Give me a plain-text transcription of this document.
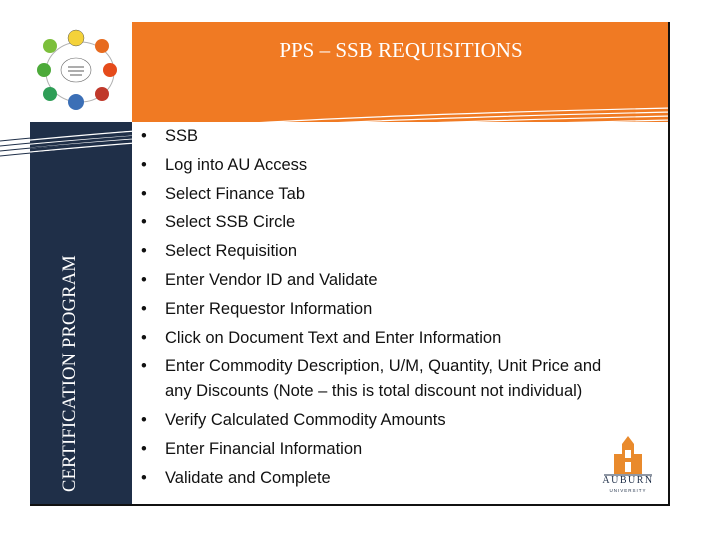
CERTIFICATION PROGRAM
PPS – SSB REQUISITIONS
• SSB
• Log into AU Access
• Select Finance Tab
• Select SSB Circle
• Select Requisition
• Enter Vendor ID and Validate
• Enter Requestor Information
• Click on Document Text and Enter Information
• Enter Commodity Description, U/M, Quantity, Unit Price and
any Discounts (Note – this is total discount not individual)
• Verify Calculated Commodity Amounts
• Enter Financial Information
• Validate and Complete	AUBURN
UNIVERSITY
